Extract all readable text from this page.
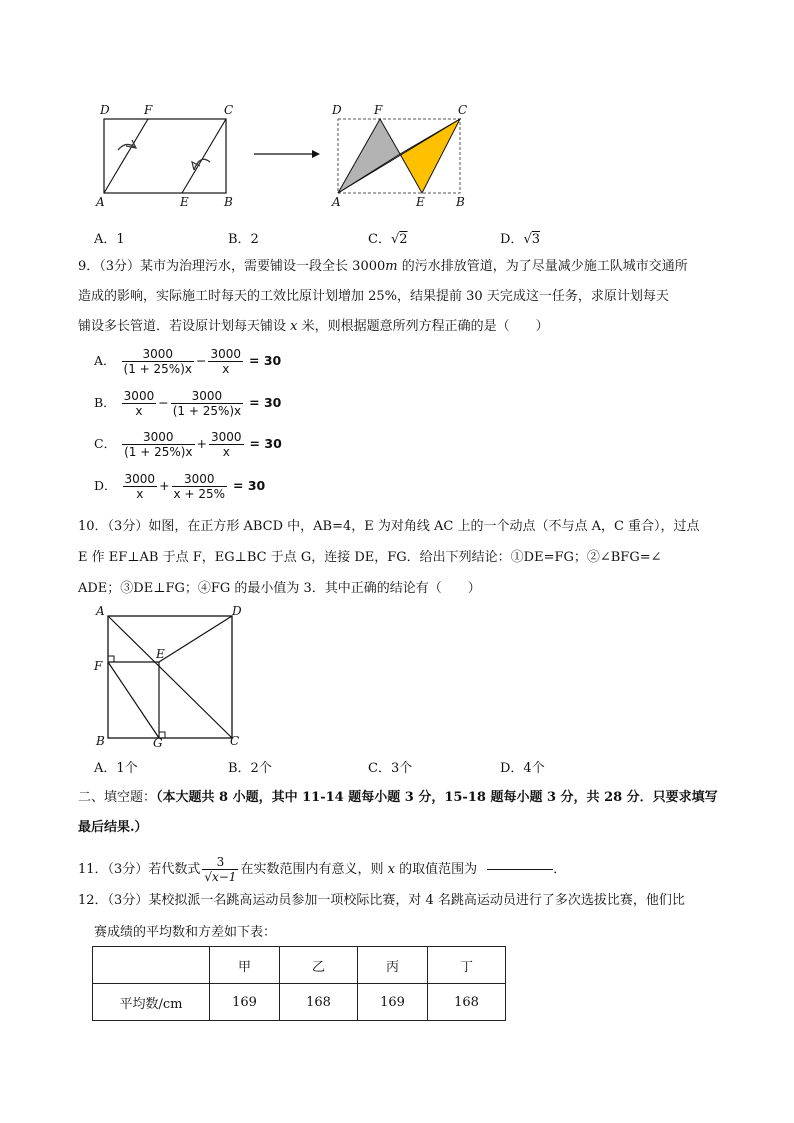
D	F	C
A	E	B
D	F	C
A	E	B
A．1	B．2	C．√2	D．√3
9．（3分）某市为治理污水，需要铺设一段全长 3000m 的污水排放管道，为了尽量减少施工队城市交通所
造成的影响，实际施工时每天的工效比原计划增加 25%，结果提前 30 天完成这一任务，求原计划每天
铺设多长管道．若设原计划每天铺设 x 米，则根据题意所列方程正确的是（　　）
A． $\frac{3000}{(1 + 25\%)x} - \frac{3000}{x} = 30$
B． $\frac{3000}{x} - \frac{3000}{(1 + 25\%)x} = 30$
C． $\frac{3000}{(1 + 25\%)x} + \frac{3000}{x} = 30$
D． $\frac{3000}{x} + \frac{3000}{x + 25\%} = 30$
10．（3分）如图，在正方形 ABCD 中，AB=4，E 为对角线 AC 上的一个动点（不与点 A，C 重合），过点
E 作 EF⊥AB 于点 F，EG⊥BC 于点 G，连接 DE，FG．给出下列结论：①DE=FG；②∠BFG=∠
ADE；③DE⊥FG；④FG 的最小值为 3．其中正确的结论有（　　）
A	D
F
E
B	G	C
A．1个	B．2个	C．3个	D．4个
二、填空题：（本大题共 8 小题，其中 11-14 题每小题 3 分，15-18 题每小题 3 分，共 28 分．只要求填写
最后结果.）
11．（3分）若代数式 $\frac{3}{√x-1}$ 在实数范围内有意义，则 x 的取值范围为	．
12．（3分）某校拟派一名跳高运动员参加一项校际比赛，对 4 名跳高运动员进行了多次选拔比赛，他们比
赛成绩的平均数和方差如下表：
	甲	乙	丙	丁
平均数/cm	169	168	169	168
